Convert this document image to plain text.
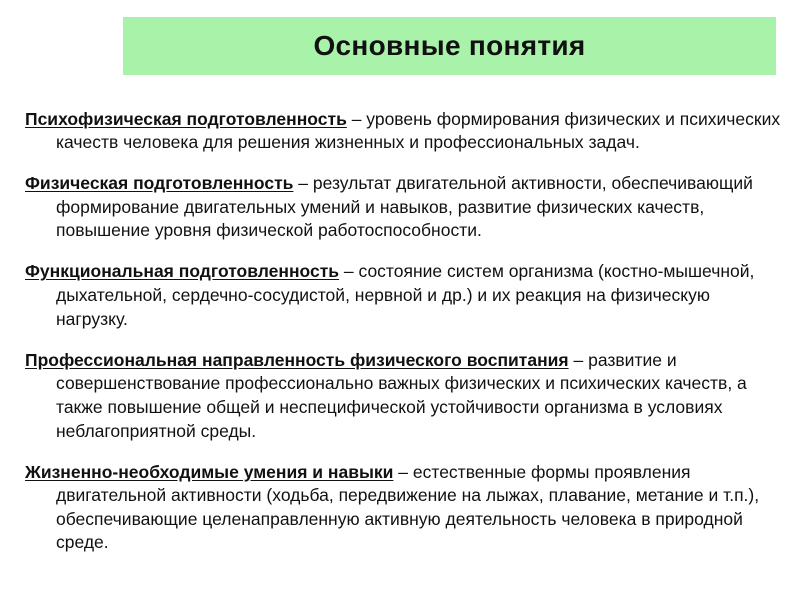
Основные понятия

Психофизическая подготовленность – уровень формирования физических и психических качеств человека для решения жизненных и профессиональных задач.

Физическая подготовленность – результат двигательной активности, обеспечивающий формирование двигательных умений и навыков, развитие физических качеств, повышение уровня физической работоспособности.

Функциональная подготовленность – состояние систем организма (костно-мышечной, дыхательной, сердечно-сосудистой, нервной и др.) и их реакция на физическую нагрузку.

Профессиональная направленность физического воспитания – развитие и совершенствование профессионально важных физических и психических качеств, а также повышение общей и неспецифической устойчивости организма в условиях неблагоприятной среды.

Жизненно-необходимые умения и навыки – естественные формы проявления двигательной активности (ходьба, передвижение на лыжах, плавание, метание и т.п.), обеспечивающие целенаправленную активную деятельность человека в природной среде.
